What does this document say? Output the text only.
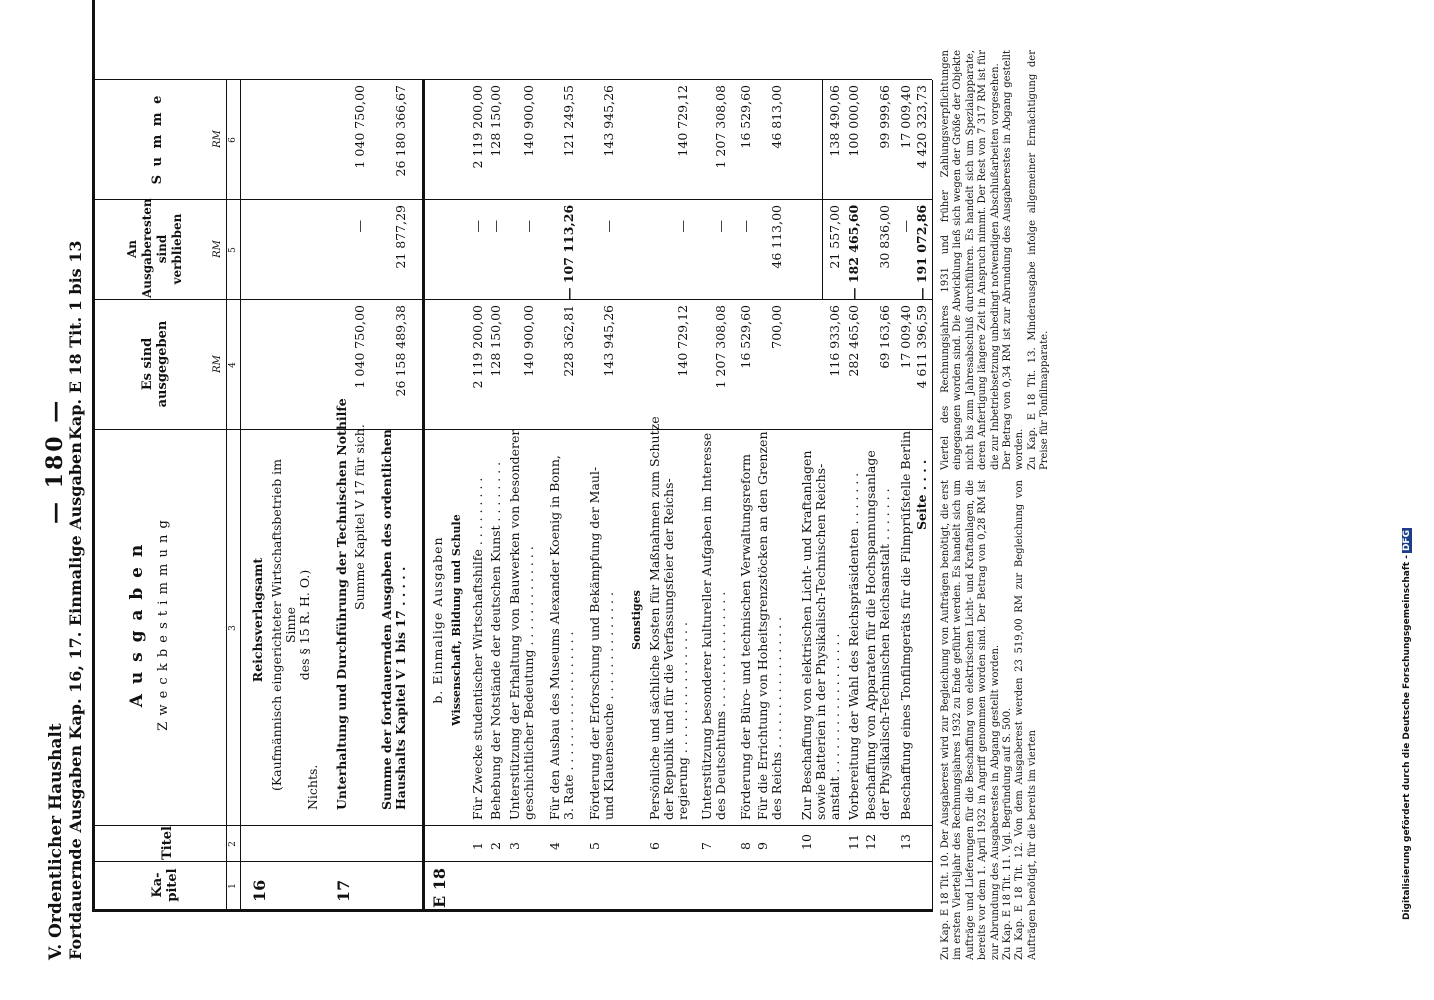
V. Ordentlicher Haushalt Fortdauernde Ausgaben Kap. 16, 17. Einmalige Ausgaben
— 180 —
Kap. E 18 Tit. 1 bis 13
Ka-
pitel
Titel
A u s g a b e n Z w e c k b e s t i m m u n g
Es sind
ausgegeben
An
Ausgaberesten
sind verblieben
S u m m e
RM
RM
RM
1
2
3
4
5
6
16
Reichsverlagsamt
(Kaufmännisch eingerichteter Wirtschaftsbetrieb im Sinne
des § 15 R. H. O.)
Nichts.
17
Unterhaltung und Durchführung der Technischen Nothilfe Summe Kapitel V 17 für sich.
1 040 750,00
—
1 040 750,00
Summe der fortdauernden Ausgaben des ordentlichen
Haushalts Kapitel V 1 bis 17 . . . . .
26 158 489,38
21 877,29
26 180 366,67
E 18
b. Einmalige Ausgaben Wissenschaft, Bildung und Schule
1
Für Zwecke studentischer Wirtschaftshilfe . . . . . . . . .
2 119 200,00
—
2 119 200,00
2
Behebung der Notstände der deutschen Kunst . . . . . . . .
128 150,00
—
128 150,00
3
Unterstützung der Erhaltung von Bauwerken von besonderer
geschichtlicher Bedeutung . . . . . . . . . . . . .
140 900,00
—
140 900,00
4
Für den Ausbau des Museums Alexander Koenig in Bonn,
3. Rate . . . . . . . . . . . . . . . . . .
228 362,81
— 107 113,26
121 249,55
5
Förderung der Erforschung und Bekämpfung der Maul-
und Klauenseuche . . . . . . . . . . . . . .
143 945,26
—
143 945,26
Sonstiges
6
Persönliche und sächliche Kosten für Maßnahmen zum Schutze
der Republik und für die Verfassungsfeier der Reichs-
regierung . . . . . . . . . . . . . . . . .
140 729,12
—
140 729,12
7
Unterstützung besonderer kultureller Aufgaben im Interesse
des Deutschtums . . . . . . . . . . . . . . .
1 207 308,08
—
1 207 308,08
8
Förderung der Büro- und technischen Verwaltungsreform
16 529,60
—
16 529,60
9
Für die Errichtung von Hoheitsgrenzstöcken an den Grenzen
des Reichs . . . . . . . . . . . . . . . . .
700,00
46 113,00
46 813,00
10
Zur Beschaffung von elektrischen Licht- und Kraftanlagen
sowie Batterien in der Physikalisch-Technischen Reichs-
anstalt . . . . . . . . . . . . . . . . . .
116 933,06
21 557,00
138 490,06
11
Vorbereitung der Wahl des Reichspräsidenten . . . . . . .
282 465,60
— 182 465,60
100 000,00
12
Beschaffung von Apparaten für die Hochspannungsanlage
der Physikalisch-Technischen Reichsanstalt . . . . . . .
69 163,66
30 836,00
99 999,66
13
Beschaffung eines Tonfilmgeräts für die Filmprüfstelle Berlin
17 009,40
—
17 009,40
Seite . . . .
4 611 396,59
— 191 072,86
4 420 323,73
Zu Kap. E 18 Tit. 10. Der Ausgaberest wird zur Begleichung von Aufträgen benötigt, die erst im ersten Vierteljahr des Rechnungsjahres 1932 zu Ende geführt werden. Es handelt sich um Aufträge und Lieferungen für die Beschaffung von elektrischen Licht- und Kraftanlagen, die bereits vor dem 1. April 1932 in Angriff genommen worden sind. Der Betrag von 0,28 RM ist zur Abrundung des Ausgaberestes in Abgang gestellt worden. Zu Kap. E 18 Tit. 11. Vgl. Begründung auf S. 500. Zu Kap. E 18 Tit. 12. Von dem Ausgaberest werden 23 519,00 RM zur Begleichung von Aufträgen benötigt, für die bereits im vierten
Viertel des Rechnungsjahres 1931 und früher Zahlungsverpflichtungen eingegangen worden sind. Die Abwicklung ließ sich wegen der Größe der Objekte nicht bis zum Jahresabschluß durchführen. Es handelt sich um Spezialapparate, deren Anfertigung längere Zeit in Anspruch nimmt. Der Rest von 7 317 RM ist für die zur Inbetriebsetzung unbedingt notwendigen Abschlußarbeiten vorgesehen. Der Betrag von 0,34 RM ist zur Abrundung des Ausgaberestes in Abgang gestellt worden. Zu Kap. E 18 Tit. 13. Minderausgabe infolge allgemeiner Ermächtigung der Preise für Tonfilmapparate.
Digitalisierung gefördert durch die Deutsche Forschungsgemeinschaft -DFG
